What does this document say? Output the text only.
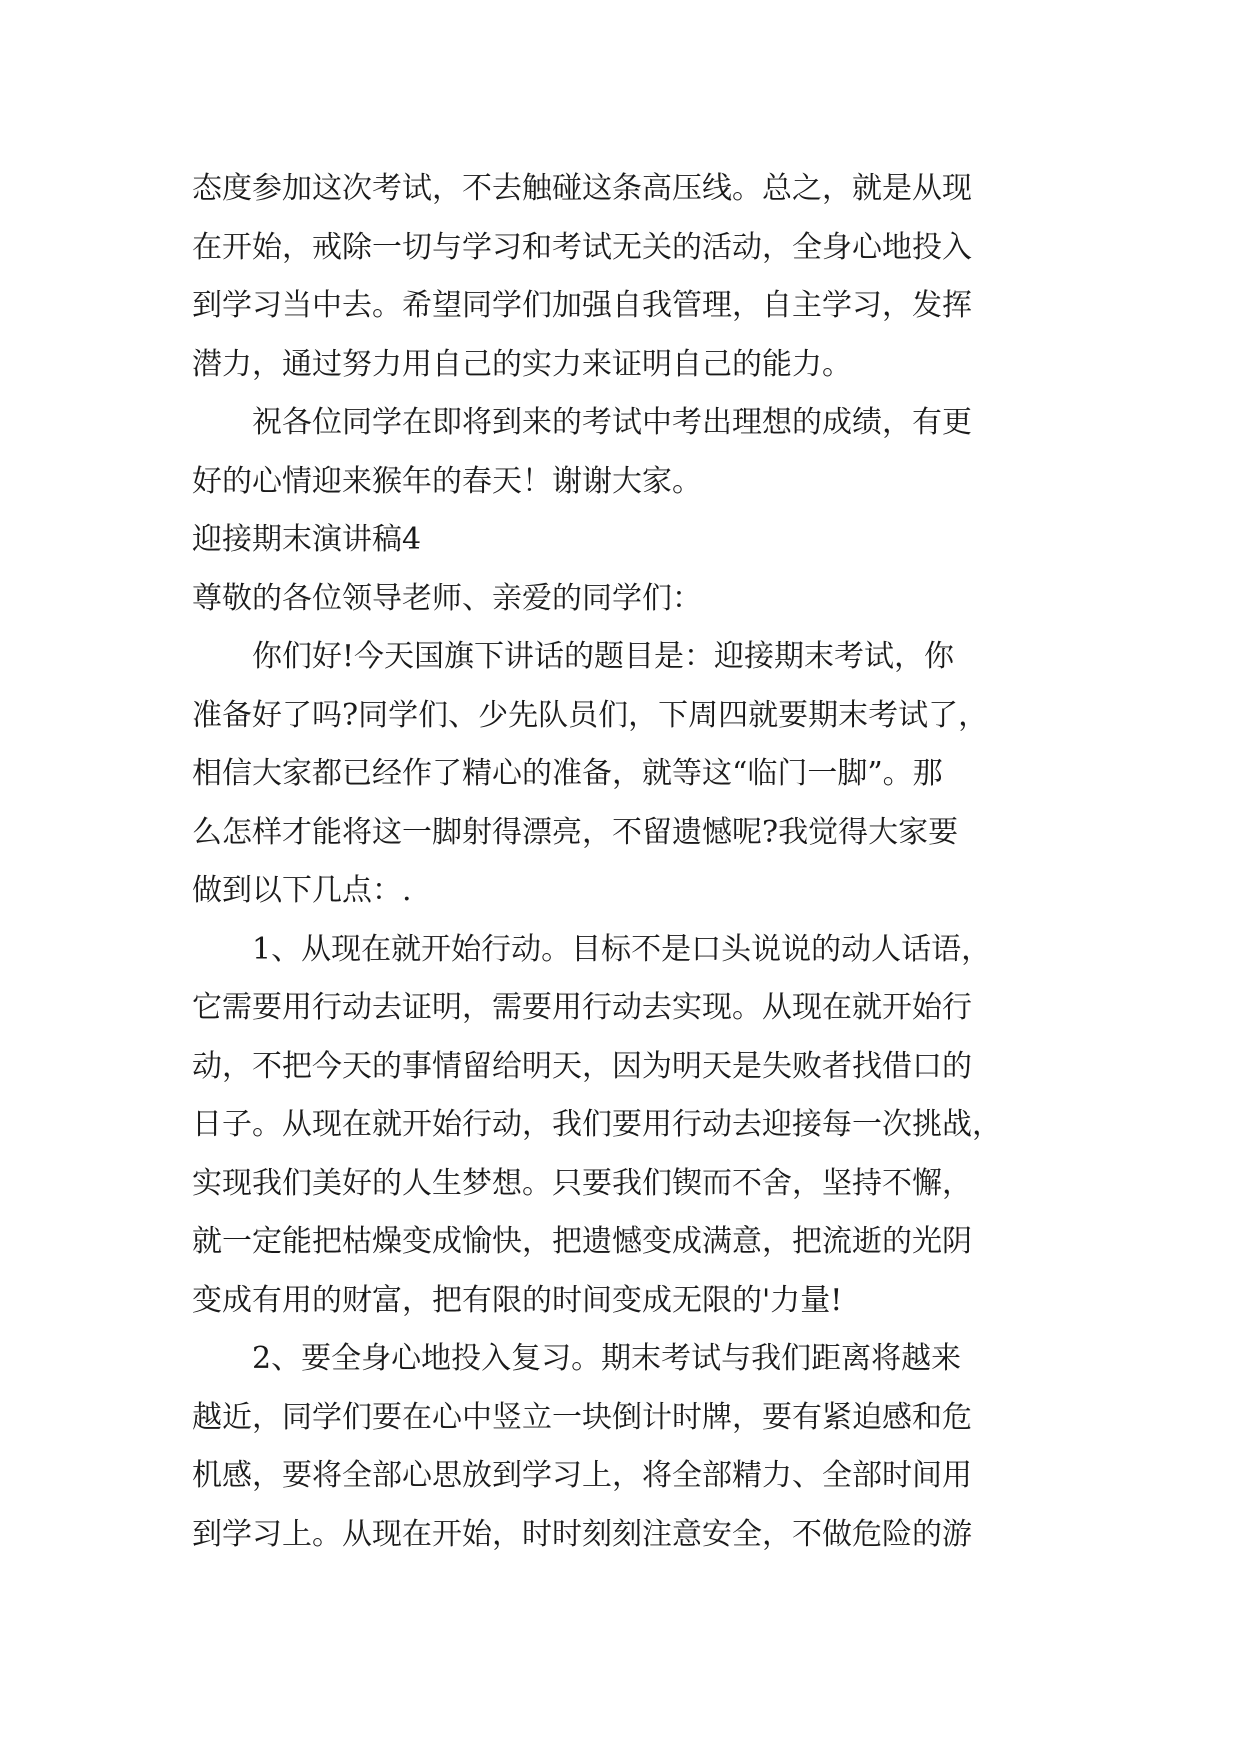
态度参加这次考试，不去触碰这条高压线。总之，就是从现
在开始，戒除一切与学习和考试无关的活动，全身心地投入
到学习当中去。希望同学们加强自我管理，自主学习，发挥
潜力，通过努力用自己的实力来证明自己的能力。
祝各位同学在即将到来的考试中考出理想的成绩，有更
好的心情迎来猴年的春天！谢谢大家。
迎接期末演讲稿4
尊敬的各位领导老师、亲爱的同学们：
你们好!今天国旗下讲话的题目是：迎接期末考试，你
准备好了吗?同学们、少先队员们，下周四就要期末考试了，
相信大家都已经作了精心的准备，就等这“临门一脚”。那
么怎样才能将这一脚射得漂亮，不留遗憾呢?我觉得大家要
做到以下几点：.
1、从现在就开始行动。目标不是口头说说的动人话语，
它需要用行动去证明，需要用行动去实现。从现在就开始行
动，不把今天的事情留给明天，因为明天是失败者找借口的
日子。从现在就开始行动，我们要用行动去迎接每一次挑战，
实现我们美好的人生梦想。只要我们锲而不舍，坚持不懈，
就一定能把枯燥变成愉快，把遗憾变成满意，把流逝的光阴
变成有用的财富，把有限的时间变成无限的'力量!
2、要全身心地投入复习。期末考试与我们距离将越来
越近，同学们要在心中竖立一块倒计时牌，要有紧迫感和危
机感，要将全部心思放到学习上，将全部精力、全部时间用
到学习上。从现在开始，时时刻刻注意安全，不做危险的游
